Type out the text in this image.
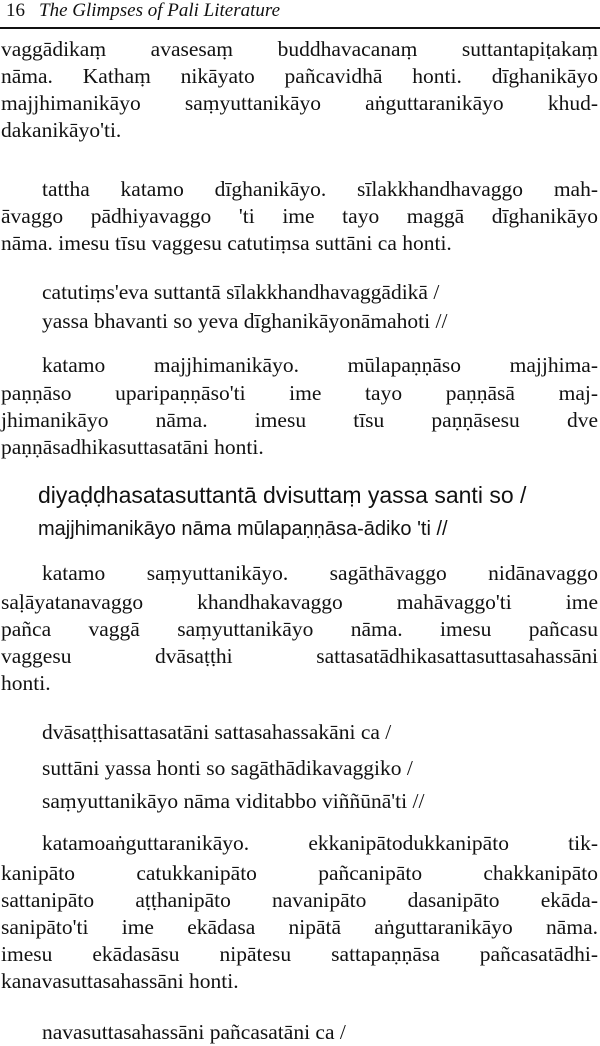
16 The Glimpses of Pali Literature
vaggādikaṃ avasesaṃ buddhavacanaṃ suttantapiṭakaṃ
nāma. Kathaṃ nikāyato pañcavidhā honti. dīghanikāyo
majjhimanikāyo saṃyuttanikāyo aṅguttaranikāyo khud-
dakanikāyo'ti.
tattha katamo dīghanikāyo. sīlakkhandhavaggo mah-
āvaggo pādhiyavaggo 'ti ime tayo maggā dīghanikāyo
nāma. imesu tīsu vaggesu catutiṃsa suttāni ca honti.
catutiṃs'eva suttantā sīlakkhandhavaggādikā /
yassa bhavanti so yeva dīghanikāyonāmahoti //
katamo majjhimanikāyo. mūlapaṇṇāso majjhima-
paṇṇāso uparipaṇṇāso'ti ime tayo paṇṇāsā maj-
jhimanikāyo nāma. imesu tīsu paṇṇāsesu dve
paṇṇāsadhikasuttasatāni honti.
diyaḍḍhasatasuttantā dvisuttaṃ yassa santi so /
majjhimanikāyo nāma mūlapaṇṇāsa-ādiko 'ti //
katamo saṃyuttanikāyo. sagāthāvaggo nidānavaggo
saḷāyatanavaggo khandhakavaggo mahāvaggo'ti ime
pañca vaggā saṃyuttanikāyo nāma. imesu pañcasu
vaggesu dvāsaṭṭhi sattasatādhikasattasuttasahassāni
honti.
dvāsaṭṭhisattasatāni sattasahassakāni ca /
suttāni yassa honti so sagāthādikavaggiko /
saṃyuttanikāyo nāma viditabbo viññūnā'ti //
katamoaṅguttaranikāyo. ekkanipātodukkanipāto tik-
kanipāto catukkanipāto pañcanipāto chakkanipāto
sattanipāto aṭṭhanipāto navanipāto dasanipāto ekāda-
sanipāto'ti ime ekādasa nipātā aṅguttaranikāyo nāma.
imesu ekādasāsu nipātesu sattapaṇṇāsa pañcasatādhi-
kanavasuttasahassāni honti.
navasuttasahassāni pañcasatāni ca /
